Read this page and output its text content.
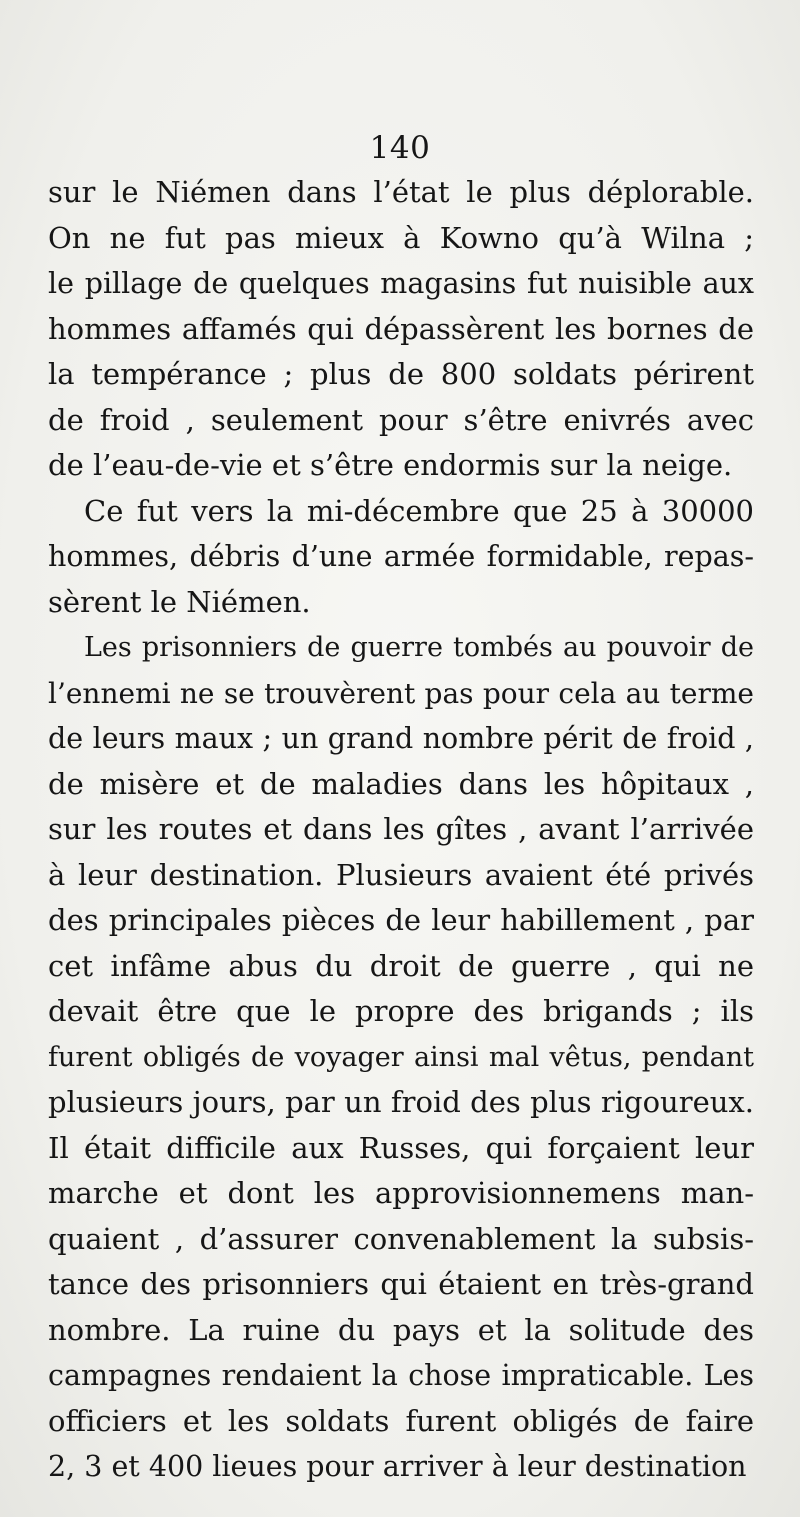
140
sur le Niémen dans l’état le plus déplorable.
On ne fut pas mieux à Kowno qu’à Wilna ;
le pillage de quelques magasins fut nuisible aux
hommes affamés qui dépassèrent les bornes de
la tempérance ; plus de 800 soldats périrent
de froid , seulement pour s’être enivrés avec
de l’eau-de-vie et s’être endormis sur la neige.
Ce fut vers la mi-décembre que 25 à 30000
hommes, débris d’une armée formidable, repas-
sèrent le Niémen.
Les prisonniers de guerre tombés au pouvoir de
l’ennemi ne se trouvèrent pas pour cela au terme
de leurs maux ; un grand nombre périt de froid ,
de misère et de maladies dans les hôpitaux ,
sur les routes et dans les gîtes , avant l’arrivée
à leur destination. Plusieurs avaient été privés
des principales pièces de leur habillement , par
cet infâme abus du droit de guerre , qui ne
devait être que le propre des brigands ; ils
furent obligés de voyager ainsi mal vêtus, pendant
plusieurs jours, par un froid des plus rigoureux.
Il était difficile aux Russes, qui forçaient leur
marche et dont les approvisionnemens man-
quaient , d’assurer convenablement la subsis-
tance des prisonniers qui étaient en très-grand
nombre. La ruine du pays et la solitude des
campagnes rendaient la chose impraticable. Les
officiers et les soldats furent obligés de faire
2, 3 et 400 lieues pour arriver à leur destination
